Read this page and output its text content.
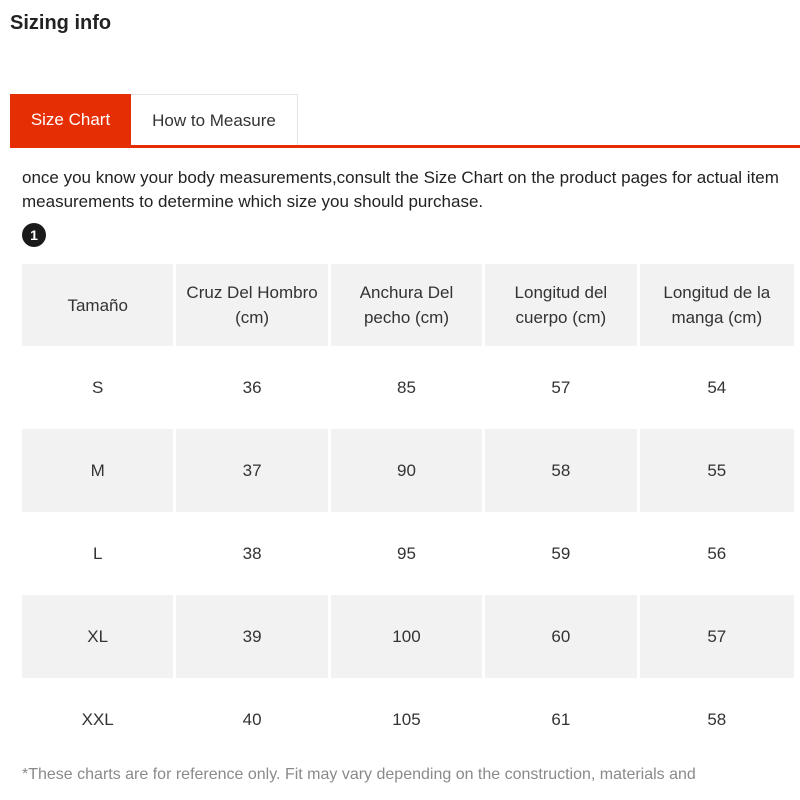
Sizing info
Size Chart	How to Measure

once you know your body measurements,consult the Size Chart on the product pages for actual item measurements to determine which size you should purchase.

1
Tamaño	Cruz Del Hombro (cm)	Anchura Del pecho (cm)	Longitud del cuerpo (cm)	Longitud de la manga (cm)
S	36	85	57	54
M	37	90	58	55
L	38	95	59	56
XL	39	100	60	57
XXL	40	105	61	58

*These charts are for reference only. Fit may vary depending on the construction, materials and
